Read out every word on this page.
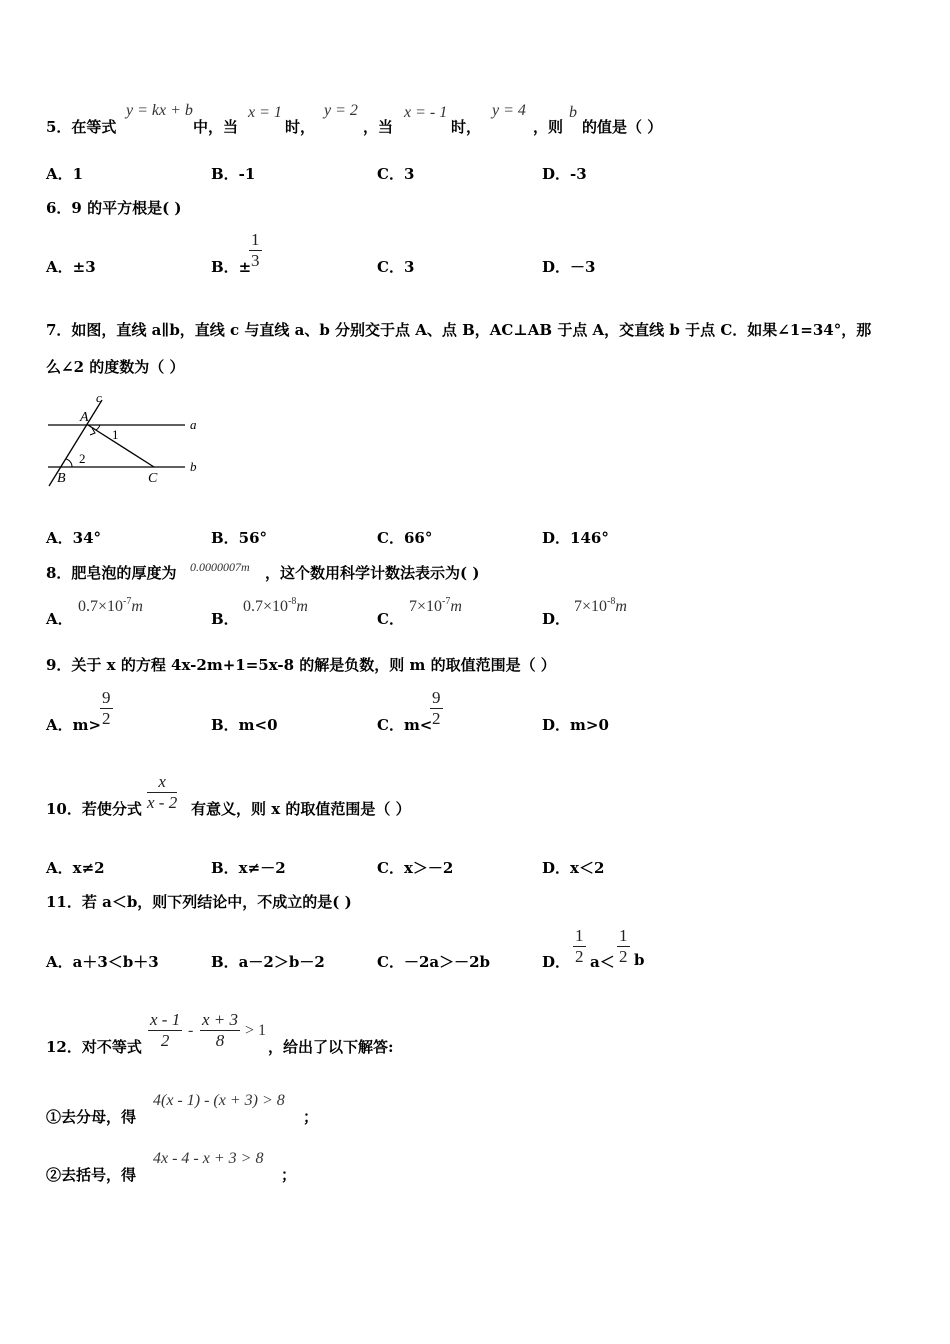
5．在等式
y = kx + b
中，当
x = 1
时，
y = 2
，当
x = - 1
时，
y = 4
，则
b
的值是（ ）
A．1	B．-1	C．3	D．-3
6．9 的平方根是( )
A．±3	B．±
$\frac{1}{3}$	C．3	D．－3
7．如图，直线 a∥b，直线 c 与直线 a、b 分别交于点 A、点 B，AC⊥AB 于点 A，交直线 b 于点 C．如果∠1=34°，那
么∠2 的度数为（ ）
c
A	a
1
2
B	C
b
A．34°	B．56°	C．66°	D．146°
8．肥皂泡的厚度为 0.0000007m ，这个数用科学计数法表示为( )
A．
$0.7\times 10^{-7}m$
B．
$0.7\times 10^{-8}m$
C．
$7\times 10^{-7}m$
D．
$7\times 10^{-8}m$
9．关于 x 的方程 4x-2m+1=5x-8 的解是负数，则 m 的取值范围是（ ）
A．m>
$\frac{9}{2}$	B．m<0	C．m<
$\frac{9}{2}$	D．m>0
10．若使分式 $\frac{x}{x - 2}$ 有意义，则 x 的取值范围是（ ）
A．x≠2	B．x≠－2	C．x＞－2	D．x＜2
11．若 a＜b，则下列结论中，不成立的是( )
A．a＋3＜b＋3	B．a－2＞b－2	C．－2a＞－2b	D． $\frac{1}{2} a< \frac{1}{2}$ b
12．对不等式 $\frac{x - 1}{2} - \frac{x + 3}{8} > 1$
，给出了以下解答:
①去分母，得
4(x - 1) - (x + 3) > 8
；
②去括号，得
4x - 4 - x + 3 > 8
；
